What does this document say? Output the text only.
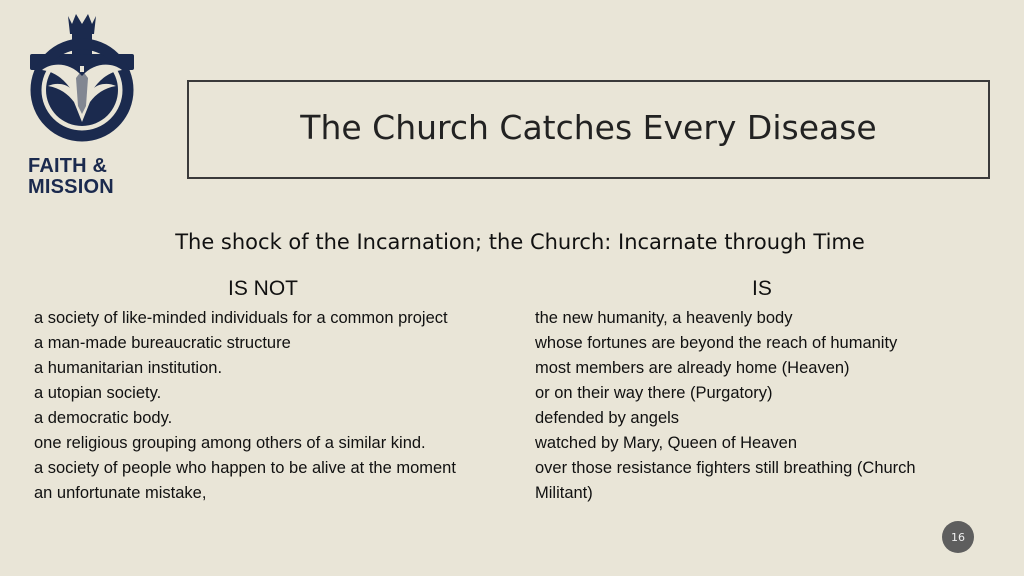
FAITH &
MISSION
The Church Catches Every Disease
The shock of the Incarnation; the Church: Incarnate through Time
IS NOT	IS
a society of like-minded individuals for a common project
a man-made bureaucratic structure
a humanitarian institution.
a utopian society.
a democratic body.
one religious grouping among others of a similar kind.
a society of people who happen to be alive at the moment
an unfortunate mistake,
the new humanity, a heavenly body
whose fortunes are beyond the reach of humanity
most members are already home (Heaven)
or on their way there (Purgatory)
defended by angels
watched by Mary, Queen of Heaven
over those resistance fighters still breathing (Church Militant)
16
